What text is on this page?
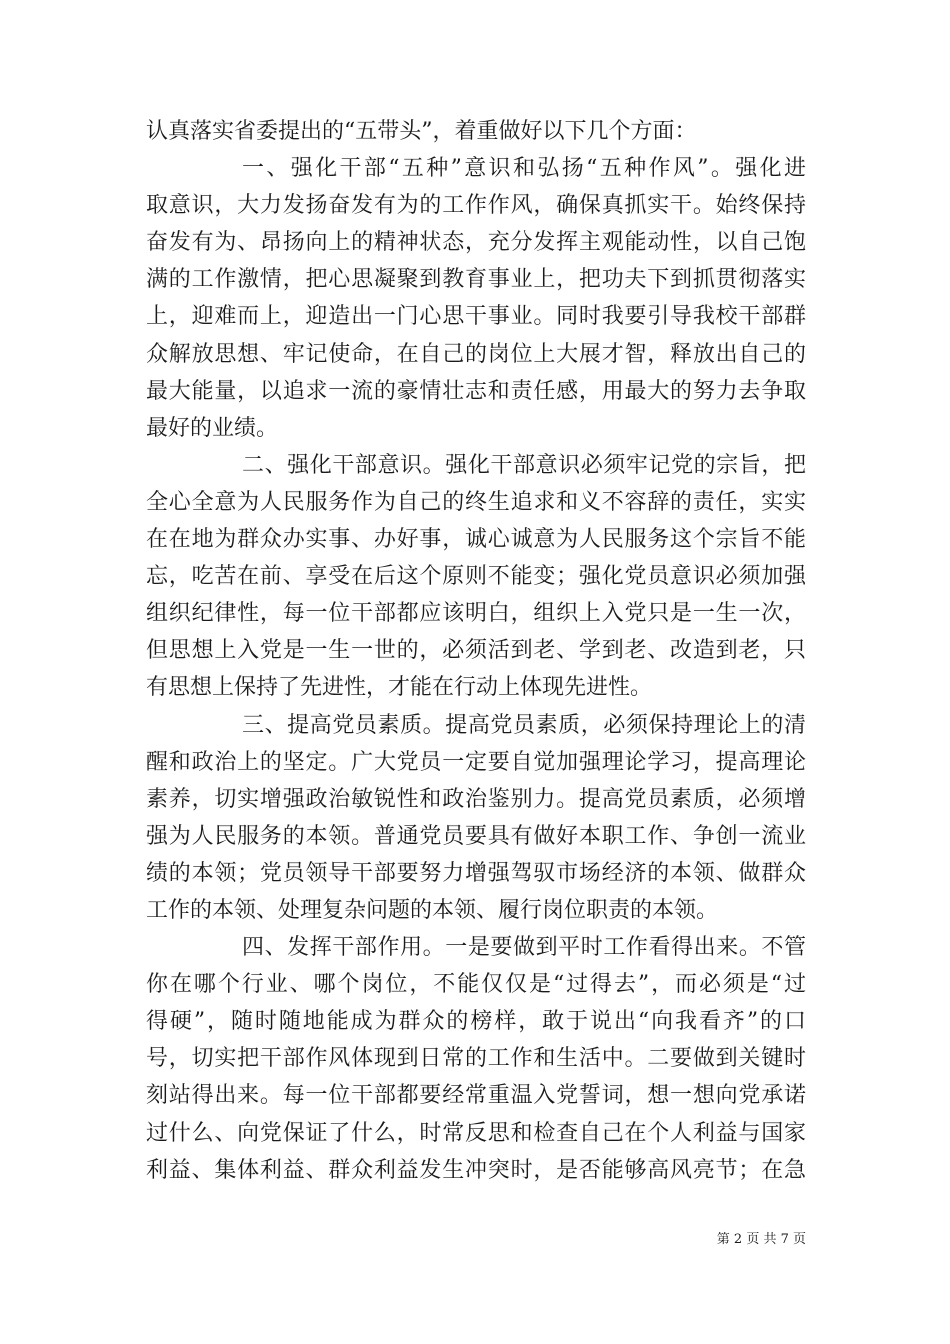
认真落实省委提出的“五带头”，着重做好以下几个方面：
一、强化干部“五种”意识和弘扬“五种作风”。强化进
取意识，大力发扬奋发有为的工作作风，确保真抓实干。始终保持
奋发有为、昂扬向上的精神状态，充分发挥主观能动性，以自己饱
满的工作激情，把心思凝聚到教育事业上，把功夫下到抓贯彻落实
上，迎难而上，迎造出一门心思干事业。同时我要引导我校干部群
众解放思想、牢记使命，在自己的岗位上大展才智，释放出自己的
最大能量，以追求一流的豪情壮志和责任感，用最大的努力去争取
最好的业绩。
二、强化干部意识。强化干部意识必须牢记党的宗旨，把
全心全意为人民服务作为自己的终生追求和义不容辞的责任，实实
在在地为群众办实事、办好事，诚心诚意为人民服务这个宗旨不能
忘，吃苦在前、享受在后这个原则不能变；强化党员意识必须加强
组织纪律性，每一位干部都应该明白，组织上入党只是一生一次，
但思想上入党是一生一世的，必须活到老、学到老、改造到老，只
有思想上保持了先进性，才能在行动上体现先进性。
三、提高党员素质。提高党员素质，必须保持理论上的清
醒和政治上的坚定。广大党员一定要自觉加强理论学习，提高理论
素养，切实增强政治敏锐性和政治鉴别力。提高党员素质，必须增
强为人民服务的本领。普通党员要具有做好本职工作、争创一流业
绩的本领；党员领导干部要努力增强驾驭市场经济的本领、做群众
工作的本领、处理复杂问题的本领、履行岗位职责的本领。
四、发挥干部作用。一是要做到平时工作看得出来。不管
你在哪个行业、哪个岗位，不能仅仅是“过得去”，而必须是“过
得硬”，随时随地能成为群众的榜样，敢于说出“向我看齐”的口
号，切实把干部作风体现到日常的工作和生活中。二要做到关键时
刻站得出来。每一位干部都要经常重温入党誓词，想一想向党承诺
过什么、向党保证了什么，时常反思和检查自己在个人利益与国家
利益、集体利益、群众利益发生冲突时，是否能够高风亮节；在急
第 2 页 共 7 页
